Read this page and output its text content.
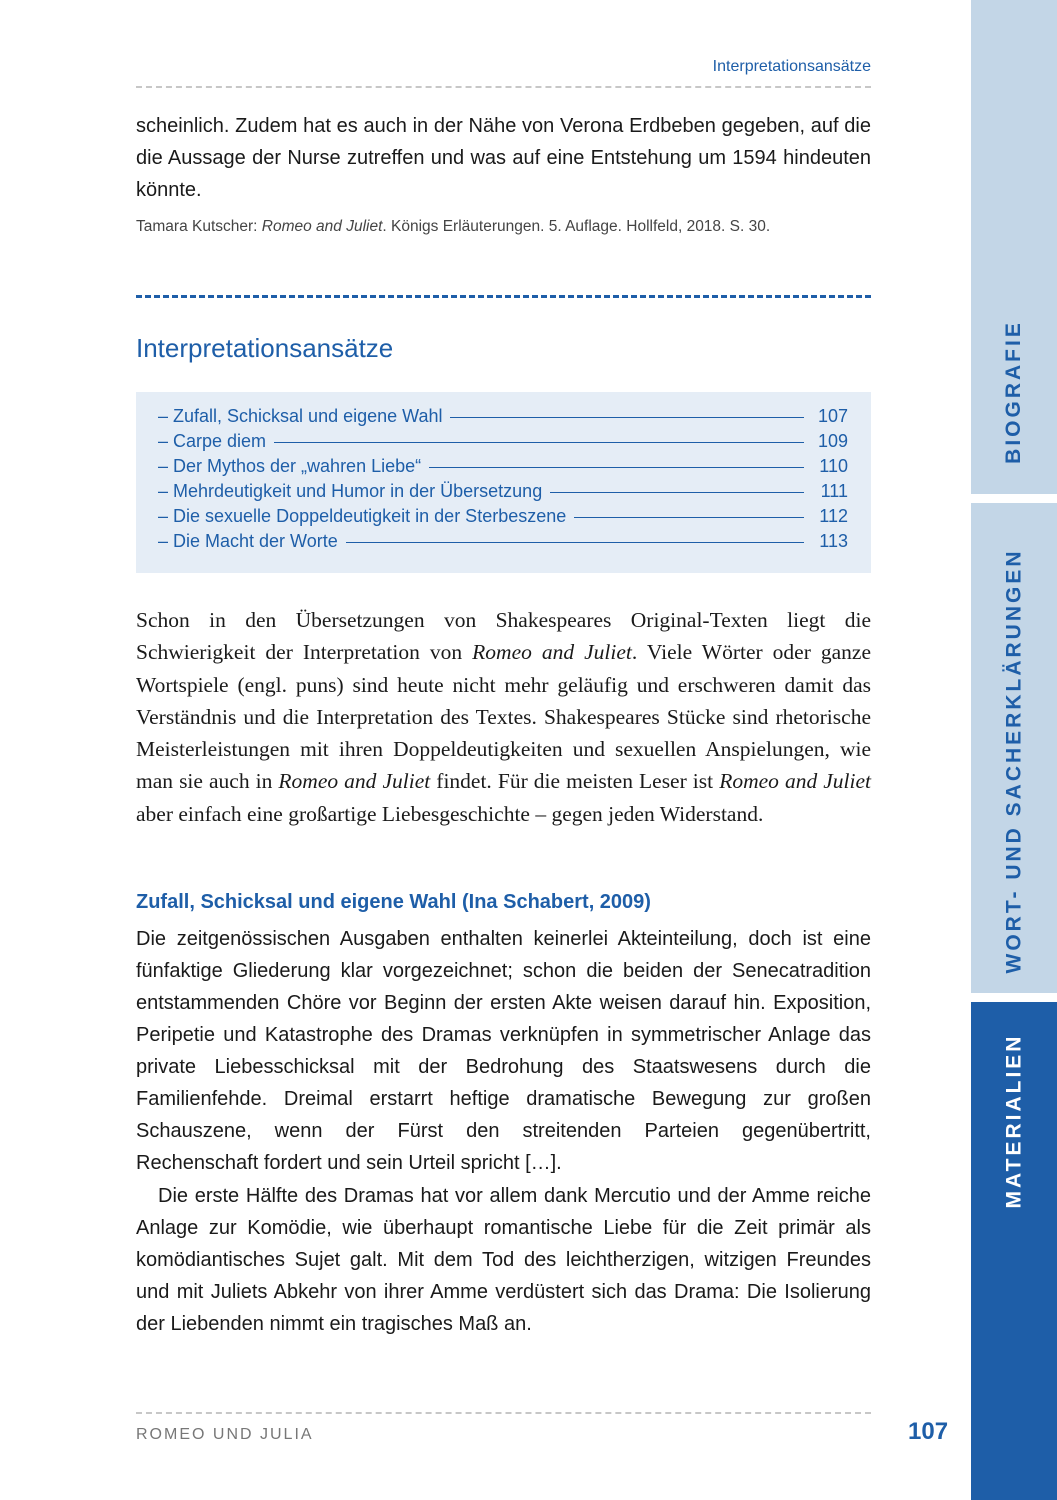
Interpretationsansätze

scheinlich. Zudem hat es auch in der Nähe von Verona Erdbeben gegeben, auf die die Aussage der Nurse zutreffen und was auf eine Entstehung um 1594 hindeuten könnte.

Tamara Kutscher: Romeo and Juliet. Königs Erläuterungen. 5. Auflage. Hollfeld, 2018. S. 30.

Interpretationsansätze
– Zufall, Schicksal und eigene Wahl	107
– Carpe diem	109
– Der Mythos der „wahren Liebe“	110
– Mehrdeutigkeit und Humor in der Übersetzung	111
– Die sexuelle Doppeldeutigkeit in der Sterbeszene	112
– Die Macht der Worte	113

Schon in den Übersetzungen von Shakespeares Original-Texten liegt die Schwierigkeit der Interpretation von Romeo and Juliet. Viele Wörter oder ganze Wortspiele (engl. puns) sind heute nicht mehr geläufig und erschweren damit das Verständnis und die Interpretation des Textes. Shakespeares Stücke sind rhetorische Meisterleistungen mit ihren Doppeldeutigkeiten und sexuellen Anspielungen, wie man sie auch in Romeo and Juliet findet. Für die meisten Leser ist Romeo and Juliet aber einfach eine großartige Liebesgeschichte – gegen jeden Widerstand.

Zufall, Schicksal und eigene Wahl (Ina Schabert, 2009)

Die zeitgenössischen Ausgaben enthalten keinerlei Akteinteilung, doch ist eine fünfaktige Gliederung klar vorgezeichnet; schon die beiden der Senecatradition entstammenden Chöre vor Beginn der ersten Akte weisen darauf hin. Exposition, Peripetie und Katastrophe des Dramas verknüpfen in symmetrischer Anlage das private Liebesschicksal mit der Bedrohung des Staatswesens durch die Familienfehde. Dreimal erstarrt heftige dramatische Bewegung zur großen Schauszene, wenn der Fürst den streitenden Parteien gegenübertritt, Rechenschaft fordert und sein Urteil spricht […].

Die erste Hälfte des Dramas hat vor allem dank Mercutio und der Amme reiche Anlage zur Komödie, wie überhaupt romantische Liebe für die Zeit primär als komödiantisches Sujet galt. Mit dem Tod des leichtherzigen, witzigen Freundes und mit Juliets Abkehr von ihrer Amme verdüstert sich das Drama: Die Isolierung der Liebenden nimmt ein tragisches Maß an.

BIOGRAFIE
WORT- UND SACHERKLÄRUNGEN
MATERIALIEN
ROMEO UND JULIA	107
